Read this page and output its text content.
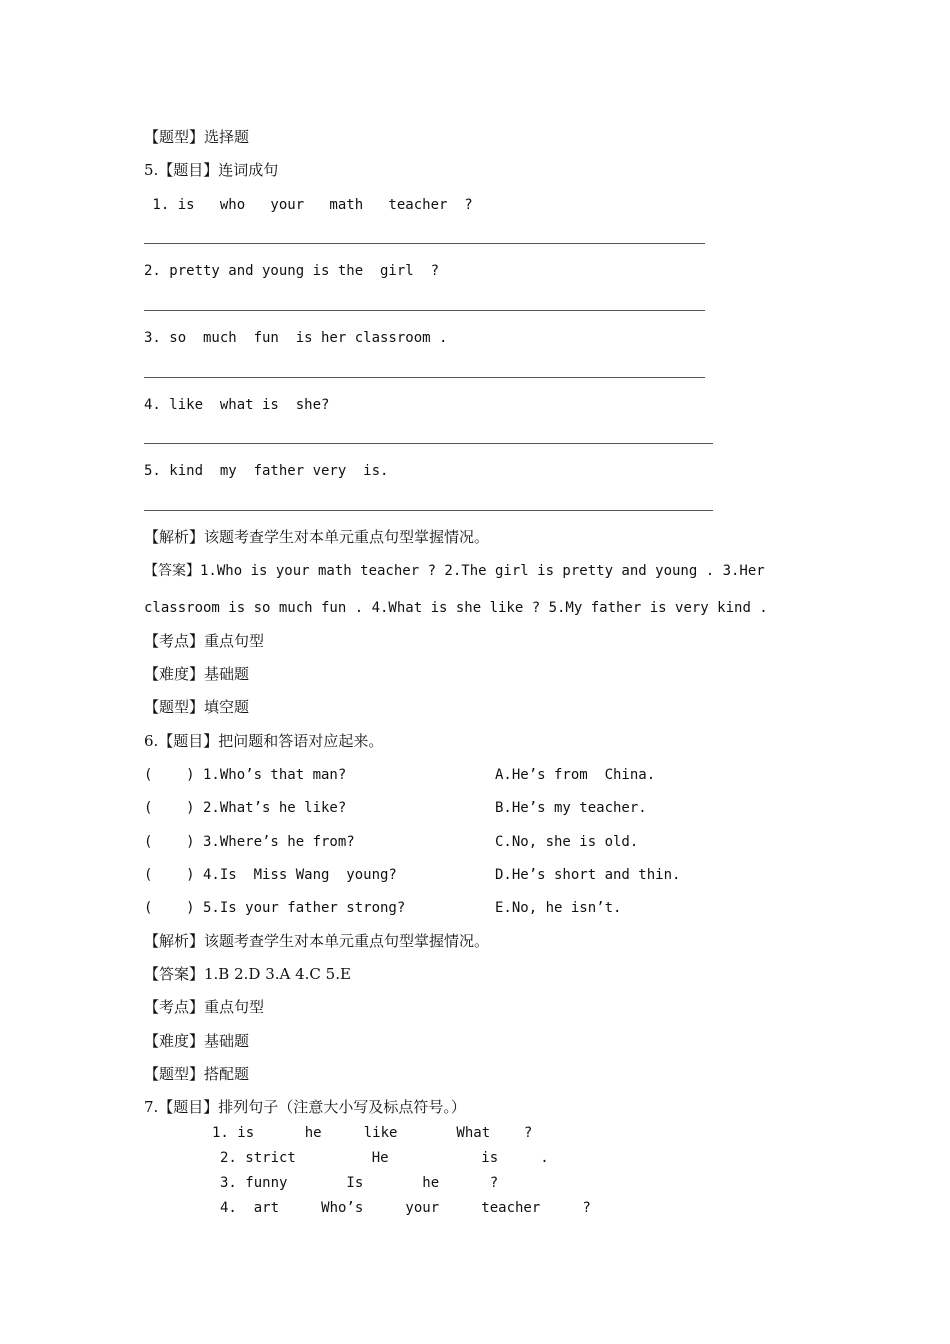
【题型】选择题
5.【题目】连词成句
1. is   who   your   math   teacher  ?
2. pretty and young is the  girl  ?
3. so  much  fun  is her classroom .
4. like  what is  she?
5. kind  my  father very  is.
【解析】该题考查学生对本单元重点句型掌握情况。
【答案】1.Who is your math teacher ? 2.The girl is pretty and young . 3.Her
classroom is so much fun . 4.What is she like ? 5.My father is very kind .
【考点】重点句型
【难度】基础题
【题型】填空题
6.【题目】把问题和答语对应起来。
(    ) 1.Who’s that man?	A.He’s from  China.
(    ) 2.What’s he like?	B.He’s my teacher.
(    ) 3.Where’s he from?	C.No, she is old.
(    ) 4.Is  Miss Wang  young?	D.He’s short and thin.
(    ) 5.Is your father strong?	E.No, he isn’t.
【解析】该题考查学生对本单元重点句型掌握情况。
【答案】1.B 2.D 3.A 4.C 5.E
【考点】重点句型
【难度】基础题
【题型】搭配题
7.【题目】排列句子（注意大小写及标点符号。）
1. is      he     like       What    ?
2. strict         He           is     .
3. funny       Is       he      ?
4.  art     Who’s     your     teacher     ?
